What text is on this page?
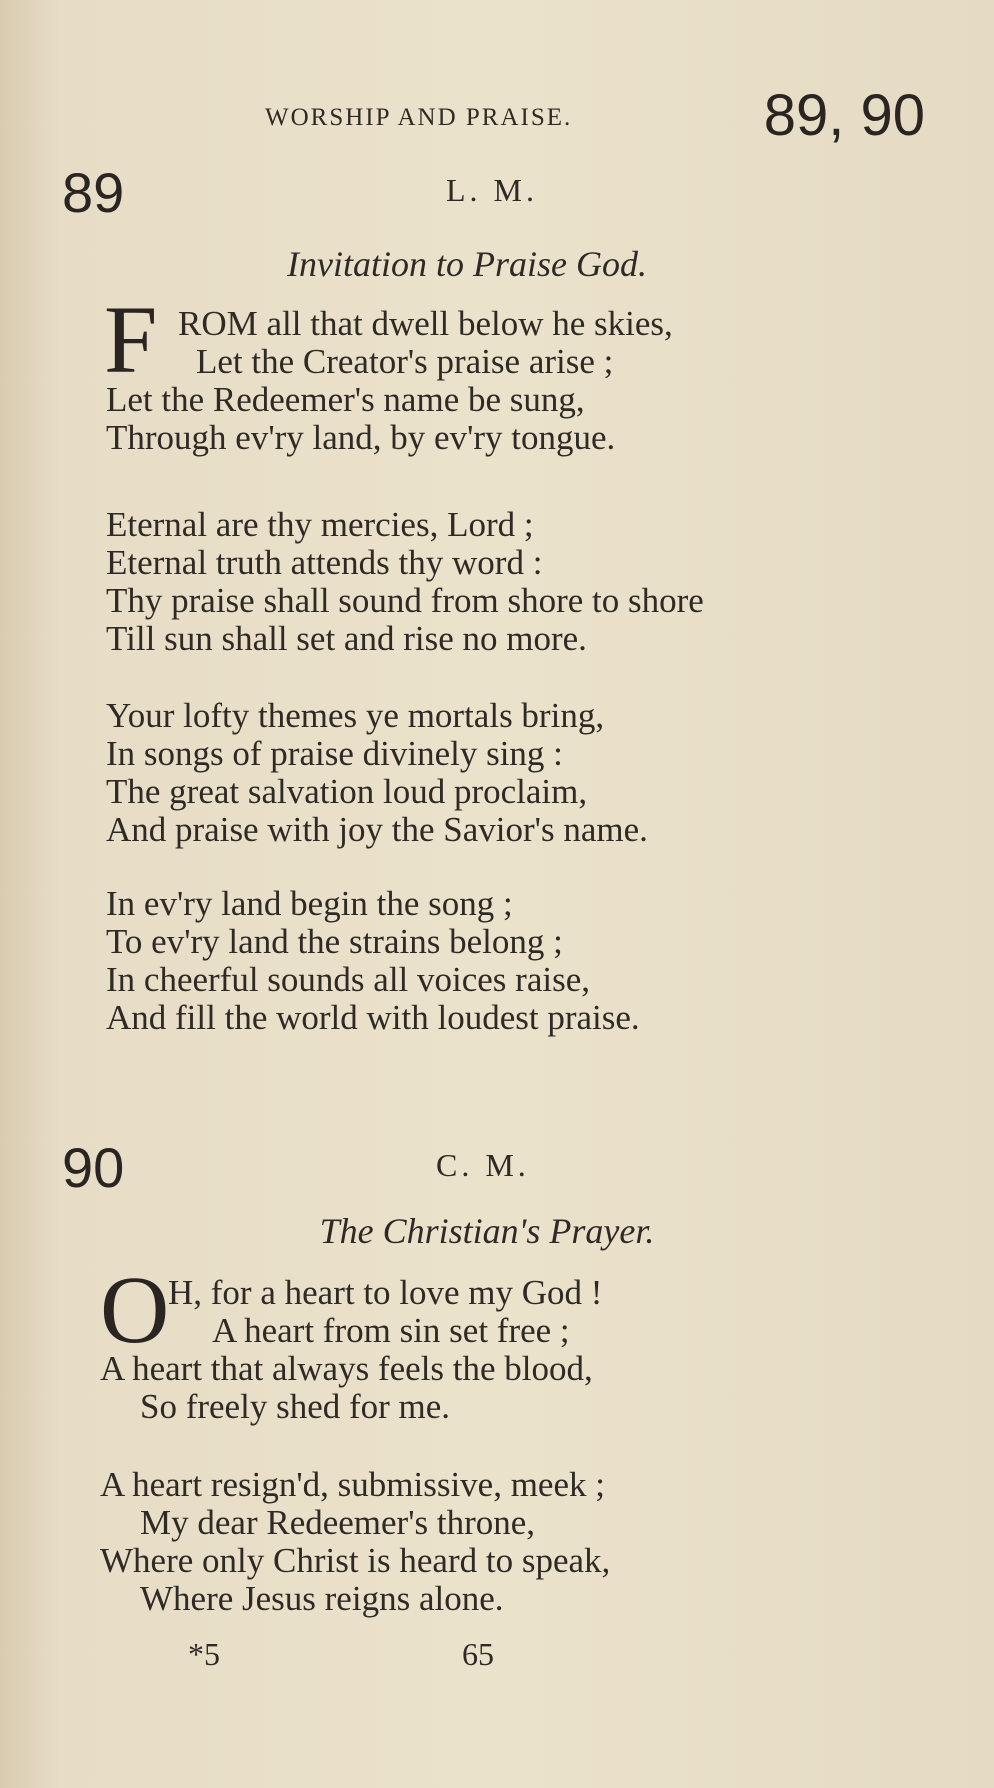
WORSHIP AND PRAISE.	89, 90
89	L. M.
Invitation to Praise God.
F ROM all that dwell below he skies,
Let the Creator's praise arise ;
Let the Redeemer's name be sung,
Through ev'ry land, by ev'ry tongue.
Eternal are thy mercies, Lord ;
Eternal truth attends thy word :
Thy praise shall sound from shore to shore
Till sun shall set and rise no more.
Your lofty themes ye mortals bring,
In songs of praise divinely sing :
The great salvation loud proclaim,
And praise with joy the Savior's name.
In ev'ry land begin the song ;
To ev'ry land the strains belong ;
In cheerful sounds all voices raise,
And fill the world with loudest praise.
90	C. M.
The Christian's Prayer.
O
H, for a heart to love my God !
A heart from sin set free ;
A heart that always feels the blood,
So freely shed for me.
A heart resign'd, submissive, meek ;
My dear Redeemer's throne,
Where only Christ is heard to speak,
Where Jesus reigns alone.
*5	65
